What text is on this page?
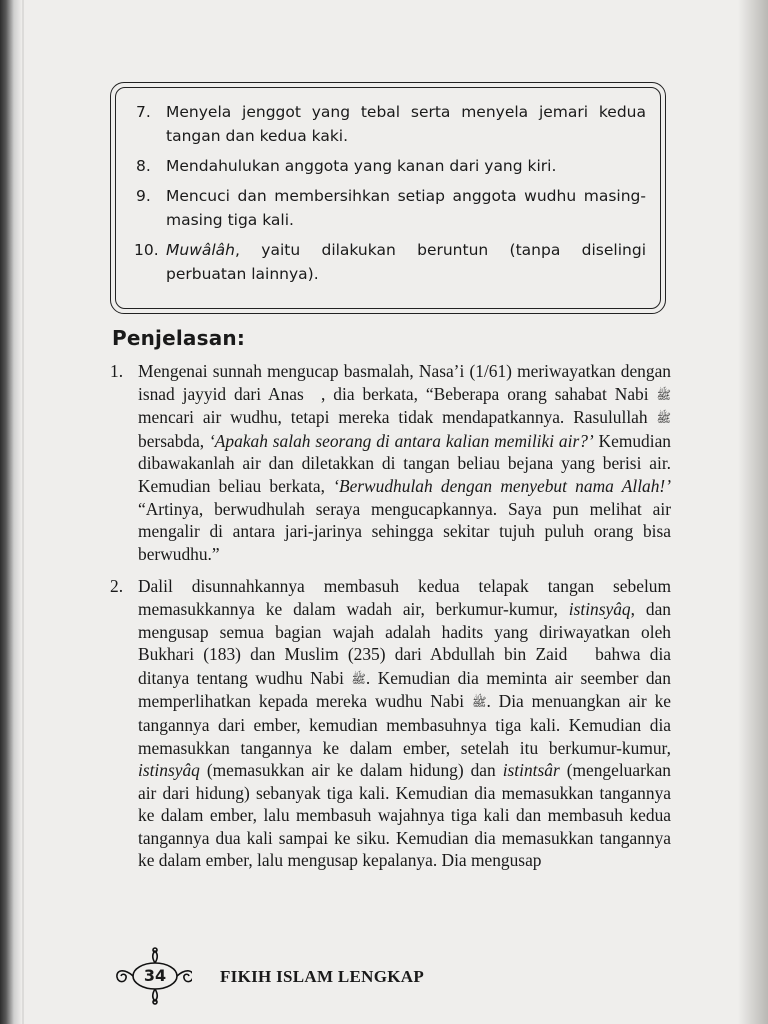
7. Menyela jenggot yang tebal serta menyela jemari kedua tangan dan kedua kaki.
8. Mendahulukan anggota yang kanan dari yang kiri.
9. Mencuci dan membersihkan setiap anggota wudhu masing-masing tiga kali.
10. Muwâlâh, yaitu dilakukan beruntun (tanpa diselingi perbuatan lainnya).
Penjelasan:
1. Mengenai sunnah mengucap basmalah, Nasa’i (1/61) meriwayatkan dengan isnad jayyid dari Anas ﷜, dia berkata, “Beberapa orang sahabat Nabi ﷺ mencari air wudhu, tetapi mereka tidak mendapatkannya. Rasulullah ﷺ bersabda, ‘Apakah salah seorang di antara kalian memiliki air?’ Kemudian dibawakanlah air dan diletakkan di tangan beliau bejana yang berisi air. Kemudian beliau berkata, ‘Berwudhulah dengan menyebut nama Allah!’ “Artinya, berwudhulah seraya mengucapkannya. Saya pun melihat air mengalir di antara jari-jarinya sehingga sekitar tujuh puluh orang bisa berwudhu.”
2. Dalil disunnahkannya membasuh kedua telapak tangan sebelum memasukkannya ke dalam wadah air, berkumur-kumur, istinsyâq, dan mengusap semua bagian wajah adalah hadits yang diriwayatkan oleh Bukhari (183) dan Muslim (235) dari Abdullah bin Zaid ﷜ bahwa dia ditanya tentang wudhu Nabi ﷺ. Kemudian dia meminta air seember dan memperlihatkan kepada mereka wudhu Nabi ﷺ. Dia menuangkan air ke tangannya dari ember, kemudian membasuhnya tiga kali. Kemudian dia memasukkan tangannya ke dalam ember, setelah itu berkumur-kumur, istinsyâq (memasukkan air ke dalam hidung) dan istintsâr (mengeluarkan air dari hidung) sebanyak tiga kali. Kemudian dia memasukkan tangannya ke dalam ember, lalu membasuh wajahnya tiga kali dan membasuh kedua tangannya dua kali sampai ke siku. Kemudian dia memasukkan tangannya ke dalam ember, lalu mengusap kepalanya. Dia mengusap
34	FIKIH ISLAM LENGKAP
